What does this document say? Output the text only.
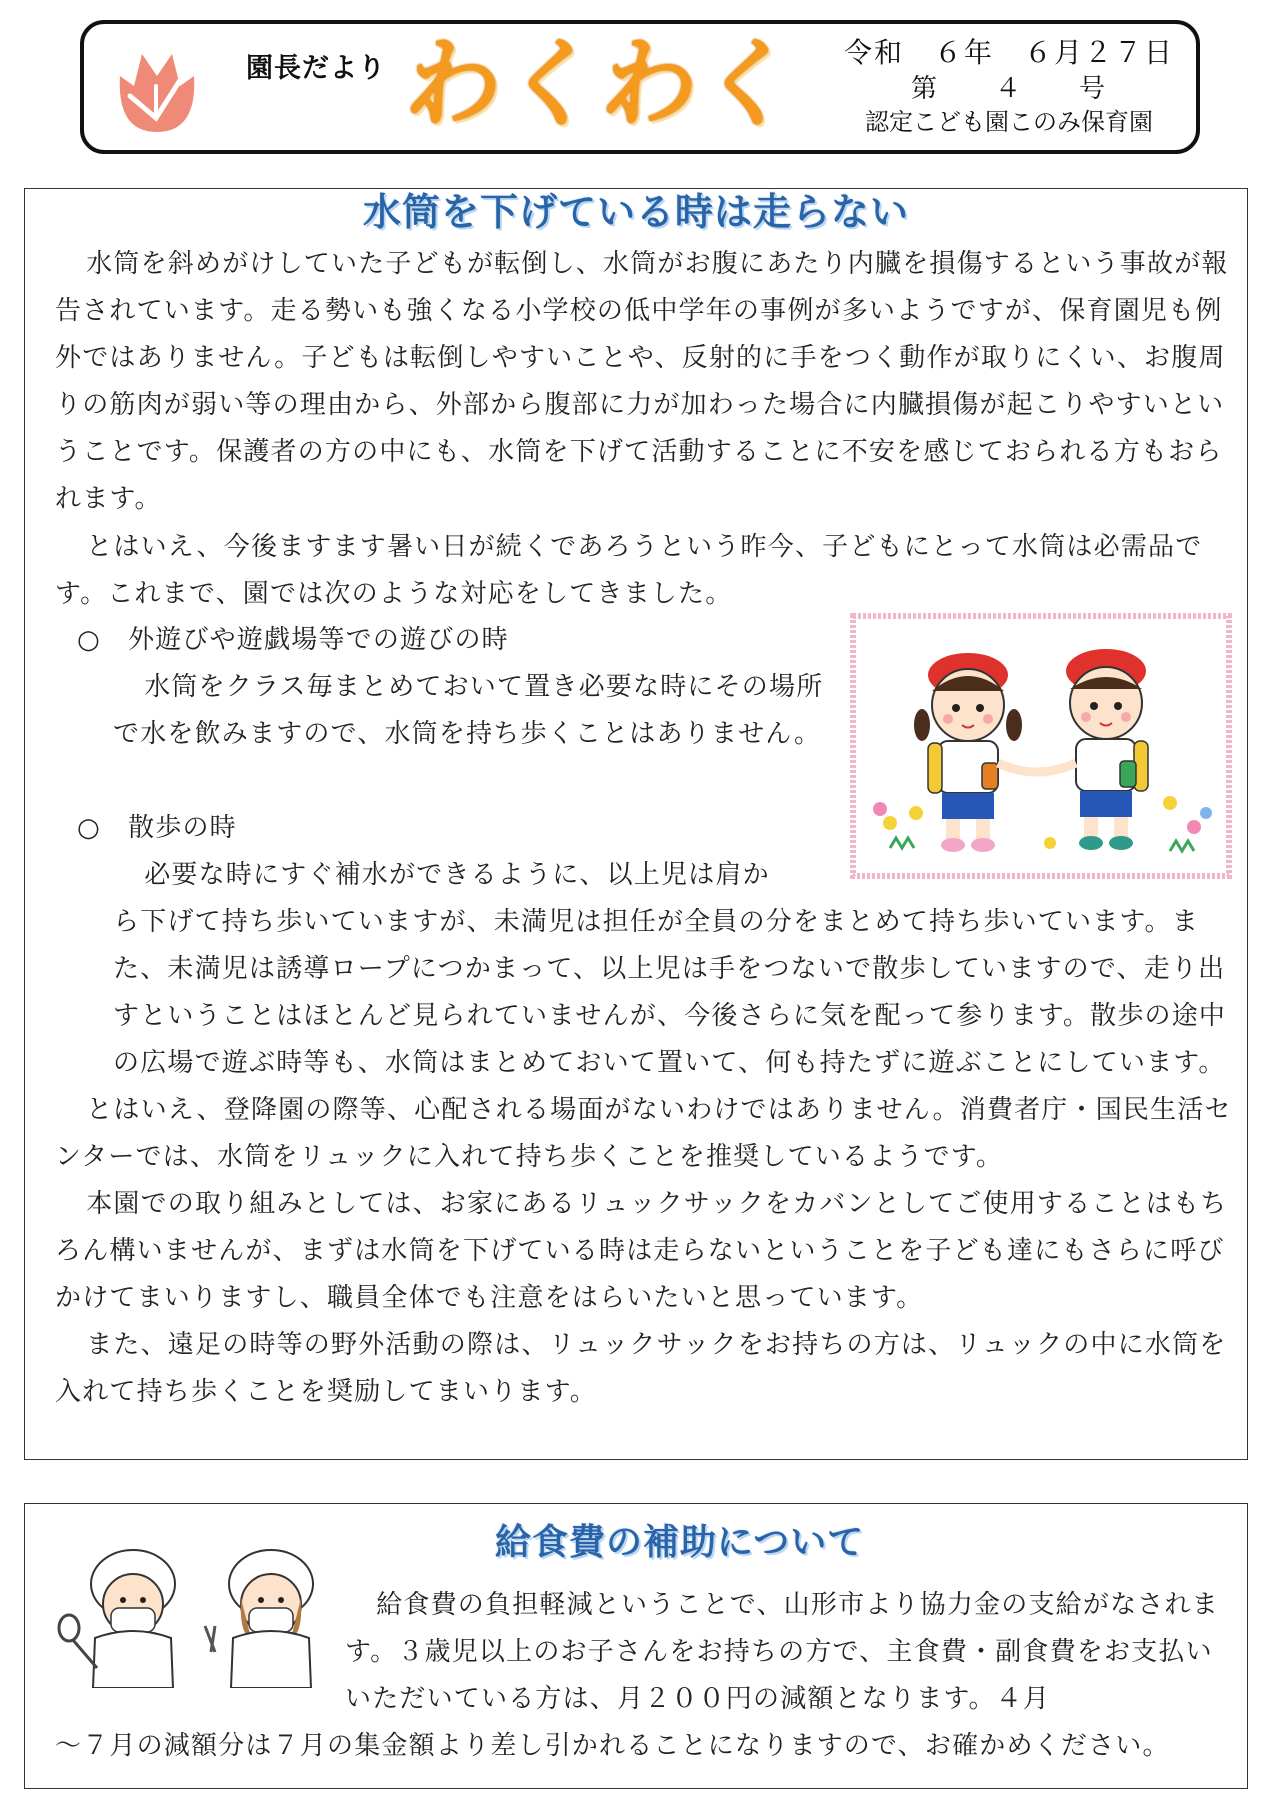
園長だより わくわく 令和　６年　６月２７日
第　　４　　号
認定こども園このみ保育園
水筒を下げている時は走らない
水筒を斜めがけしていた子どもが転倒し、水筒がお腹にあたり内臓を損傷するという事故が報告されています。走る勢いも強くなる小学校の低中学年の事例が多いようですが、保育園児も例外ではありません。子どもは転倒しやすいことや、反射的に手をつく動作が取りにくい、お腹周りの筋肉が弱い等の理由から、外部から腹部に力が加わった場合に内臓損傷が起こりやすいということです。保護者の方の中にも、水筒を下げて活動することに不安を感じておられる方もおられます。
とはいえ、今後ますます暑い日が続くであろうという昨今、子どもにとって水筒は必需品です。これまで、園では次のような対応をしてきました。
○　外遊びや遊戯場等での遊びの時
水筒をクラス毎まとめておいて置き必要な時にその場所で水を飲みますので、水筒を持ち歩くことはありません。
○　散歩の時
必要な時にすぐ補水ができるように、以上児は肩か
ら下げて持ち歩いていますが、未満児は担任が全員の分をまとめて持ち歩いています。また、未満児は誘導ロープにつかまって、以上児は手をつないで散歩していますので、走り出すということはほとんど見られていませんが、今後さらに気を配って参ります。散歩の途中の広場で遊ぶ時等も、水筒はまとめておいて置いて、何も持たずに遊ぶことにしています。
とはいえ、登降園の際等、心配される場面がないわけではありません。消費者庁・国民生活センターでは、水筒をリュックに入れて持ち歩くことを推奨しているようです。
本園での取り組みとしては、お家にあるリュックサックをカバンとしてご使用することはもちろん構いませんが、まずは水筒を下げている時は走らないということを子ども達にもさらに呼びかけてまいりますし、職員全体でも注意をはらいたいと思っています。
また、遠足の時等の野外活動の際は、リュックサックをお持ちの方は、リュックの中に水筒を入れて持ち歩くことを奨励してまいります。
給食費の補助について
給食費の負担軽減ということで、山形市より協力金の支給がなされます。３歳児以上のお子さんをお持ちの方で、主食費・副食費をお支払いいただいている方は、月２００円の減額となります。４月
～７月の減額分は７月の集金額より差し引かれることになりますので、お確かめください。
